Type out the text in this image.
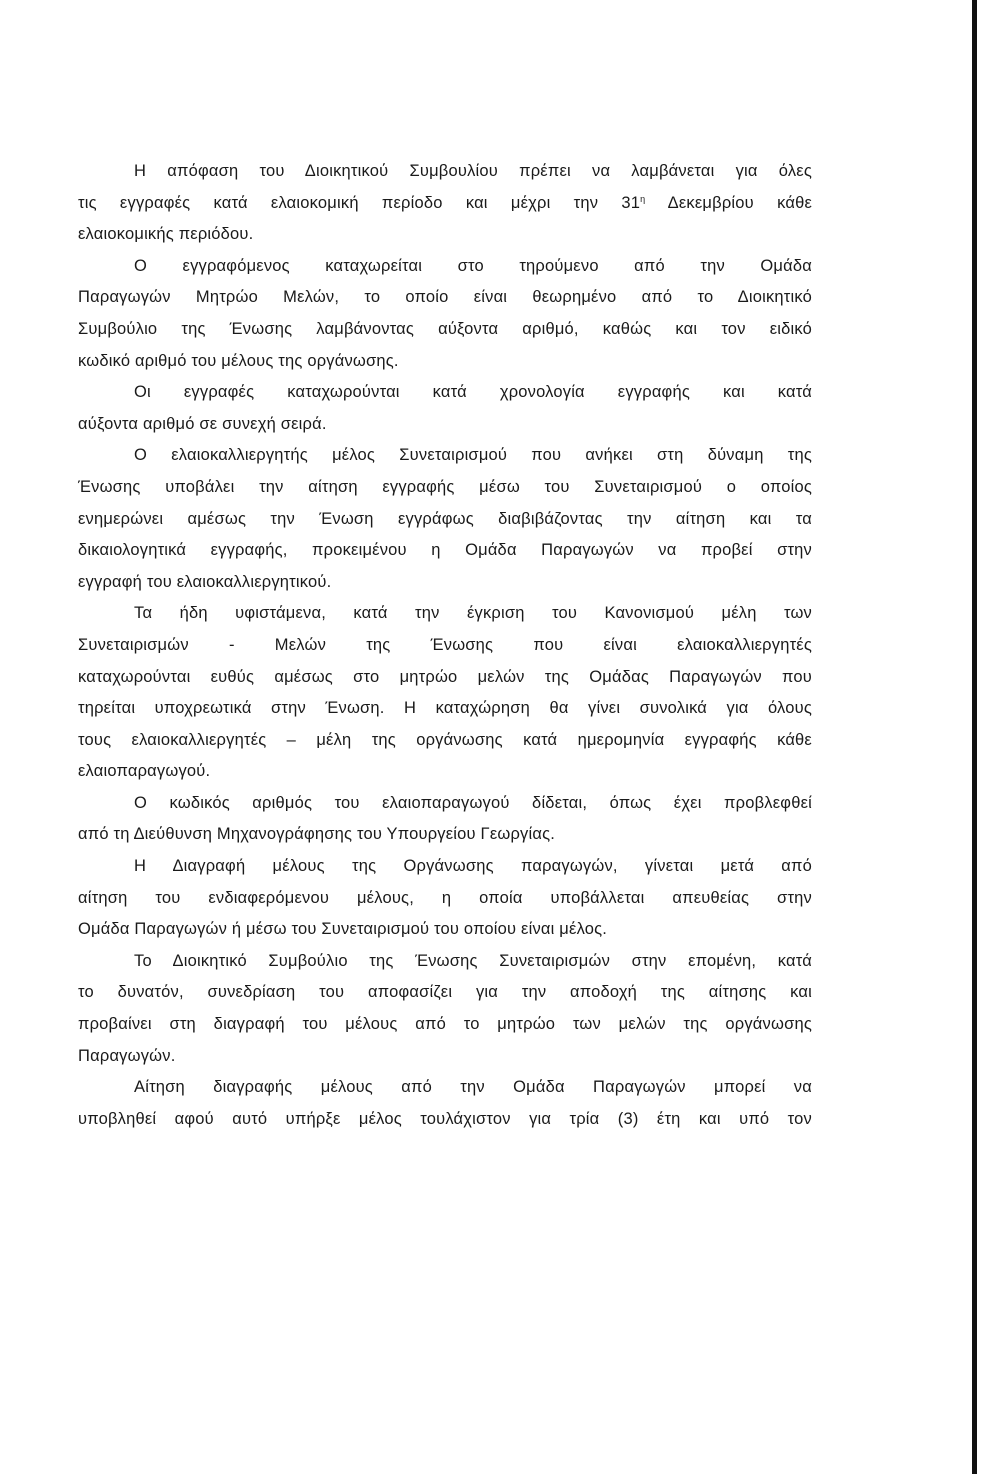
Η απόφαση του Διοικητικού Συμβουλίου πρέπει να λαμβάνεται για όλες
τις εγγραφές κατά ελαιοκομική περίοδο και μέχρι την $31^\eta$ Δεκεμβρίου κάθε
ελαιοκομικής περιόδου.
Ο εγγραφόμενος καταχωρείται στο τηρούμενο από την Ομάδα
Παραγωγών Μητρώο Μελών, το οποίο είναι θεωρημένο από το Διοικητικό
Συμβούλιο της Ένωσης λαμβάνοντας αύξοντα αριθμό, καθώς και τον ειδικό
κωδικό αριθμό του μέλους της οργάνωσης.
Οι εγγραφές καταχωρούνται κατά χρονολογία εγγραφής και κατά
αύξοντα αριθμό σε συνεχή σειρά.
Ο ελαιοκαλλιεργητής μέλος Συνεταιρισμού που ανήκει στη δύναμη της
Ένωσης υποβάλει την αίτηση εγγραφής μέσω του Συνεταιρισμού ο οποίος
ενημερώνει αμέσως την Ένωση εγγράφως διαβιβάζοντας την αίτηση και τα
δικαιολογητικά εγγραφής, προκειμένου η Ομάδα Παραγωγών να προβεί στην
εγγραφή του ελαιοκαλλιεργητικού.
Τα ήδη υφιστάμενα, κατά την έγκριση του Κανονισμού μέλη των
Συνεταιρισμών - Μελών της Ένωσης που είναι ελαιοκαλλιεργητές
καταχωρούνται ευθύς αμέσως στο μητρώο μελών της Ομάδας Παραγωγών που
τηρείται υποχρεωτικά στην Ένωση. Η καταχώρηση θα γίνει συνολικά για όλους
τους ελαιοκαλλιεργητές – μέλη της οργάνωσης κατά ημερομηνία εγγραφής κάθε
ελαιοπαραγωγού.
Ο κωδικός αριθμός του ελαιοπαραγωγού δίδεται, όπως έχει προβλεφθεί
από τη Διεύθυνση Μηχανογράφησης του Υπουργείου Γεωργίας.
Η Διαγραφή μέλους της Οργάνωσης παραγωγών, γίνεται μετά από
αίτηση του ενδιαφερόμενου μέλους, η οποία υποβάλλεται απευθείας στην
Ομάδα Παραγωγών ή μέσω του Συνεταιρισμού του οποίου είναι μέλος.
Το Διοικητικό Συμβούλιο της Ένωσης Συνεταιρισμών στην επομένη, κατά
το δυνατόν, συνεδρίαση του αποφασίζει για την αποδοχή της αίτησης και
προβαίνει στη διαγραφή του μέλους από το μητρώο των μελών της οργάνωσης
Παραγωγών.
Αίτηση διαγραφής μέλους από την Ομάδα Παραγωγών μπορεί να
υποβληθεί αφού αυτό υπήρξε μέλος τουλάχιστον για τρία (3) έτη και υπό τον
